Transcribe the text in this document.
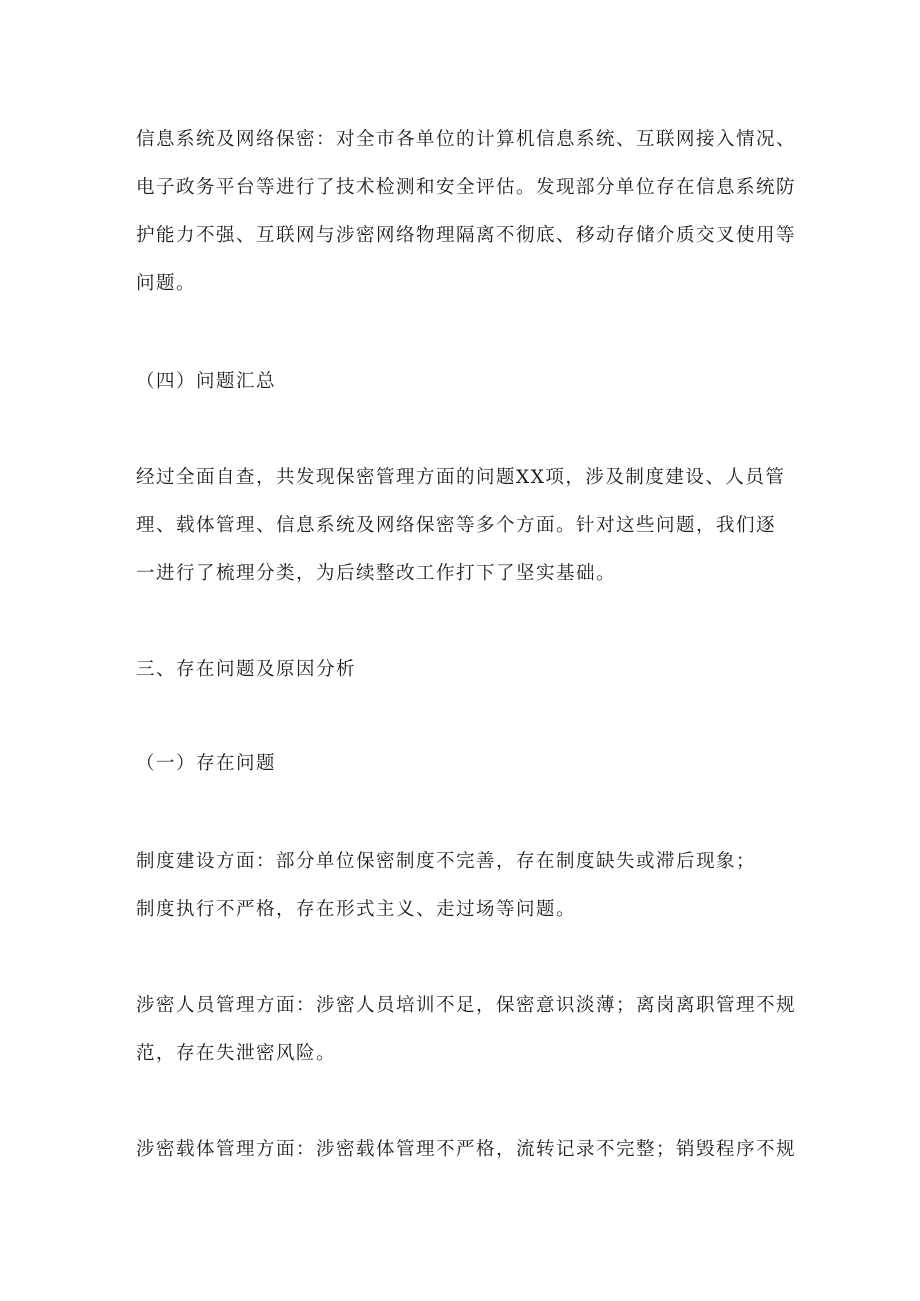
信息系统及网络保密：对全市各单位的计算机信息系统、互联网接入情况、
电子政务平台等进行了技术检测和安全评估。发现部分单位存在信息系统防
护能力不强、互联网与涉密网络物理隔离不彻底、移动存储介质交叉使用等
问题。
（四）问题汇总
经过全面自查，共发现保密管理方面的问题XX项，涉及制度建设、人员管
理、载体管理、信息系统及网络保密等多个方面。针对这些问题，我们逐
一进行了梳理分类，为后续整改工作打下了坚实基础。
三、存在问题及原因分析
（一）存在问题
制度建设方面：部分单位保密制度不完善，存在制度缺失或滞后现象；
制度执行不严格，存在形式主义、走过场等问题。
涉密人员管理方面：涉密人员培训不足，保密意识淡薄；离岗离职管理不规
范，存在失泄密风险。
涉密载体管理方面：涉密载体管理不严格，流转记录不完整；销毁程序不规
